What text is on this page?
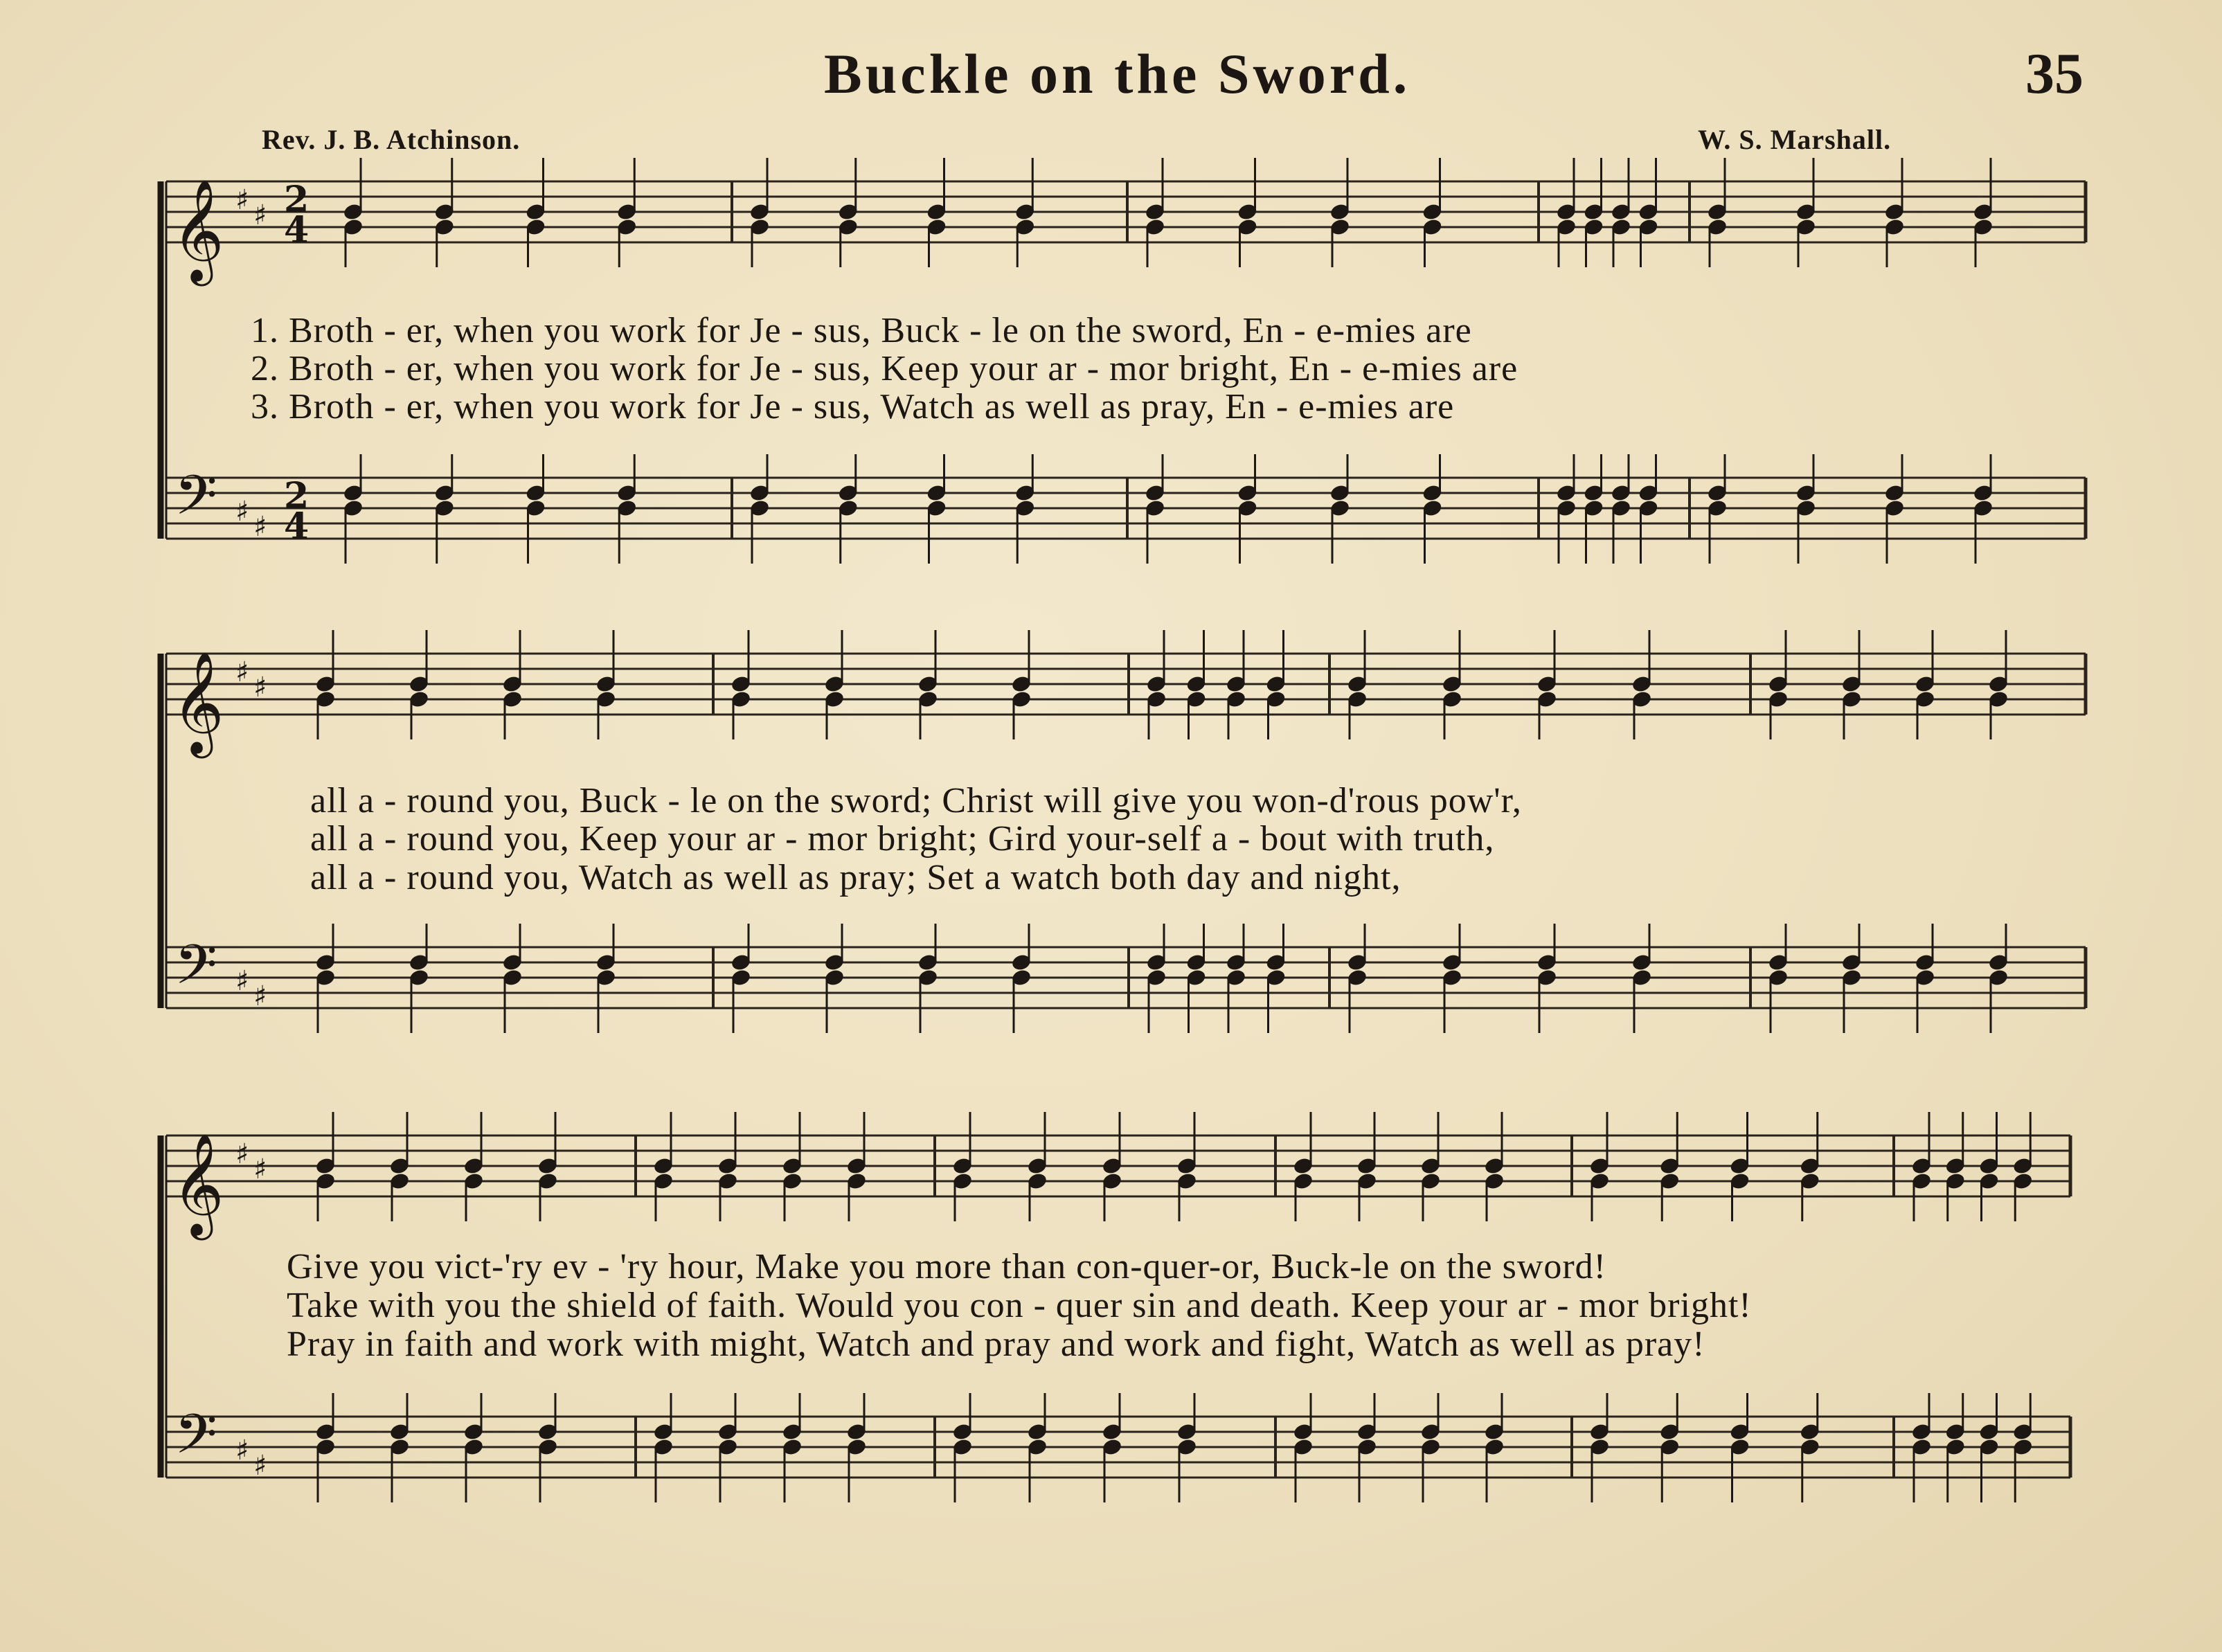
Buckle on the Sword.	35
Rev. J. B. Atchinson.	W. S. Marshall.
𝄞 ♯ ♯ 2
4
𝄢 ♯ ♯
2
4
𝄞 ♯ ♯
𝄢 ♯ ♯
𝄞 ♯ ♯
𝄢 ♯ ♯
1. Broth - er, when you work for Je - sus, Buck - le on the sword, En - e-mies are
2. Broth - er, when you work for Je - sus, Keep your ar - mor bright, En - e-mies are
3. Broth - er, when you work for Je - sus, Watch as well as pray, En - e-mies are
all a - round you, Buck - le on the sword; Christ will give you won-d'rous pow'r,
all a - round you, Keep your ar - mor bright; Gird your-self a - bout with truth,
all a - round you, Watch as well as pray; Set a watch both day and night,
Give you vict-'ry ev - 'ry hour, Make you more than con-quer-or, Buck-le on the sword!
Take with you the shield of faith. Would you con - quer sin and death. Keep your ar - mor bright!
Pray in faith and work with might, Watch and pray and work and fight, Watch as well as pray!
